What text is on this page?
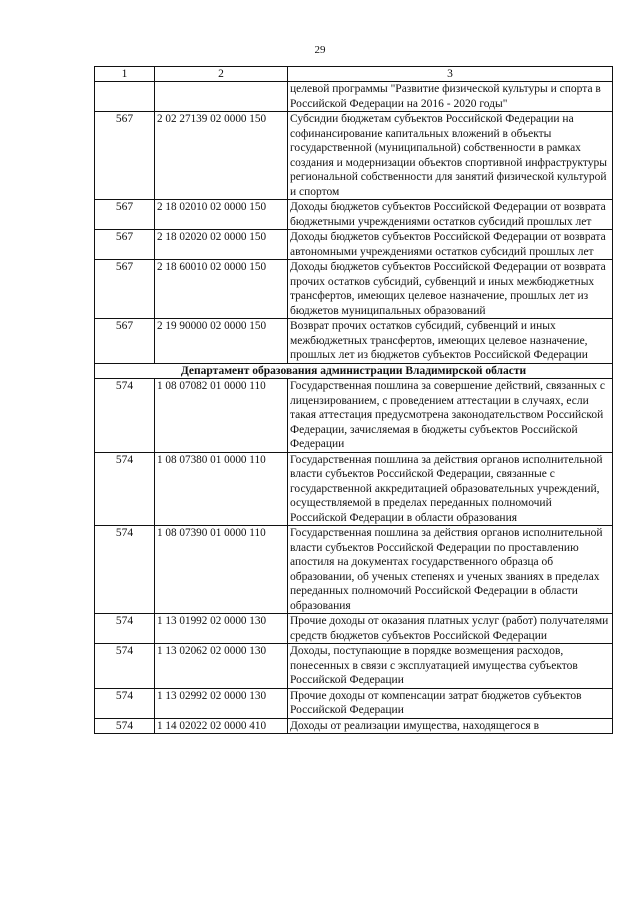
29
1	2	3
		целевой программы "Развитие физической культуры и спорта в Российской Федерации на 2016 - 2020 годы"
567	2 02 27139 02 0000 150	Субсидии бюджетам субъектов Российской Федерации на софинансирование капитальных вложений в объекты государственной (муниципальной) собственности в рамках создания и модернизации объектов спортивной инфраструктуры региональной собственности для занятий физической культурой и спортом
567	2 18 02010 02 0000 150	Доходы бюджетов субъектов Российской Федерации от возврата бюджетными учреждениями остатков субсидий прошлых лет
567	2 18 02020 02 0000 150	Доходы бюджетов субъектов Российской Федерации от возврата автономными учреждениями остатков субсидий прошлых лет
567	2 18 60010 02 0000 150	Доходы бюджетов субъектов Российской Федерации от возврата прочих остатков субсидий, субвенций и иных межбюджетных трансфертов, имеющих целевое назначение, прошлых лет из бюджетов муниципальных образований
567	2 19 90000 02 0000 150	Возврат прочих остатков субсидий, субвенций и иных межбюджетных трансфертов, имеющих целевое назначение, прошлых лет из бюджетов субъектов Российской Федерации
Департамент образования администрации Владимирской области		
574	1 08 07082 01 0000 110	Государственная пошлина за совершение действий, связанных с лицензированием, с проведением аттестации в случаях, если такая аттестация предусмотрена законодательством Российской Федерации, зачисляемая в бюджеты субъектов Российской Федерации
574	1 08 07380 01 0000 110	Государственная пошлина за действия органов исполнительной власти субъектов Российской Федерации, связанные с государственной аккредитацией образовательных учреждений, осуществляемой в пределах переданных полномочий Российской Федерации в области образования
574	1 08 07390 01 0000 110	Государственная пошлина за действия органов исполнительной власти субъектов Российской Федерации по проставлению апостиля на документах государственного образца об образовании, об ученых степенях и ученых званиях в пределах переданных полномочий Российской Федерации в области образования
574	1 13 01992 02 0000 130	Прочие доходы от оказания платных услуг (работ) получателями средств бюджетов субъектов Российской Федерации
574	1 13 02062 02 0000 130	Доходы, поступающие в порядке возмещения расходов, понесенных в связи с эксплуатацией имущества субъектов Российской Федерации
574	1 13 02992 02 0000 130	Прочие доходы от компенсации затрат бюджетов субъектов Российской Федерации
574	1 14 02022 02 0000 410	Доходы от реализации имущества, находящегося в
